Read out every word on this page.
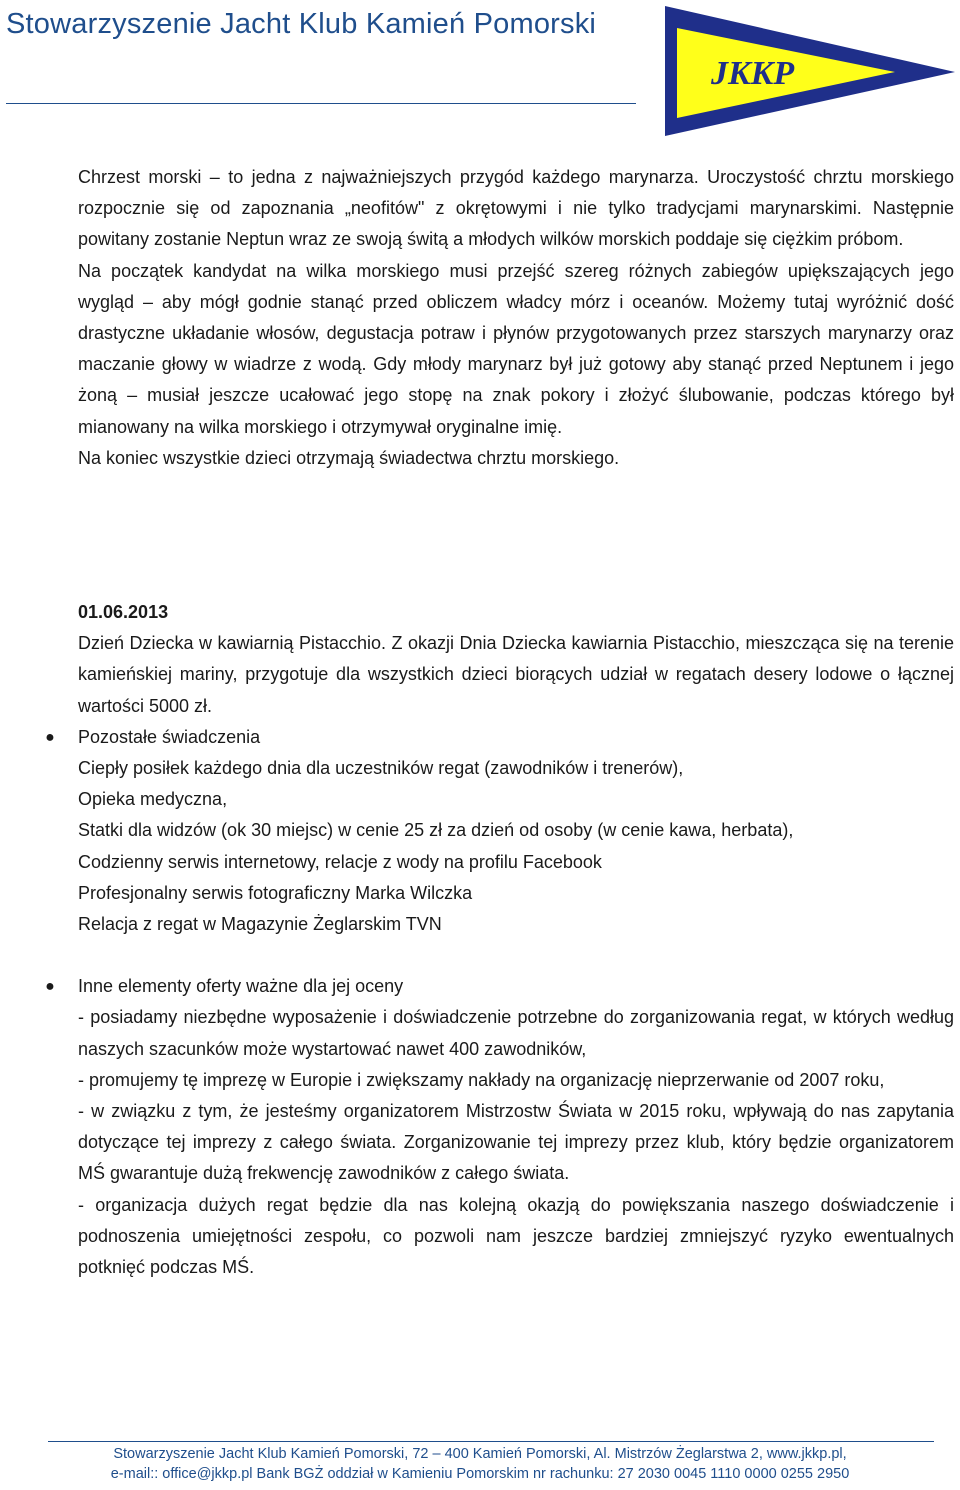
Stowarzyszenie Jacht Klub Kamień Pomorski
JKKP

Chrzest morski – to jedna z najważniejszych przygód każdego marynarza. Uroczystość chrztu morskiego rozpocznie się od zapoznania „neofitów" z okrętowymi i nie tylko tradycjami marynarskimi. Następnie powitany zostanie Neptun wraz ze swoją świtą a młodych wilków morskich poddaje się ciężkim próbom.

Na początek kandydat na wilka morskiego musi przejść szereg różnych zabiegów upiększających jego wygląd – aby mógł godnie stanąć przed obliczem władcy mórz i oceanów. Możemy tutaj wyróżnić dość drastyczne układanie włosów, degustacja potraw i płynów przygotowanych przez starszych marynarzy oraz maczanie głowy w wiadrze z wodą. Gdy młody marynarz był już gotowy aby stanąć przed Neptunem i jego żoną – musiał jeszcze ucałować jego stopę na znak pokory i złożyć ślubowanie, podczas którego był mianowany na wilka morskiego i otrzymywał oryginalne imię.

Na koniec wszystkie dzieci otrzymają świadectwa chrztu morskiego.

01.06.2013

Dzień Dziecka w kawiarnią Pistacchio. Z okazji Dnia Dziecka kawiarnia Pistacchio, mieszcząca się na terenie kamieńskiej mariny, przygotuje dla wszystkich dzieci biorących udział w regatach desery lodowe o łącznej wartości 5000 zł.

● Pozostałe świadczenia

Ciepły posiłek każdego dnia dla uczestników regat (zawodników i trenerów),

Opieka medyczna,

Statki dla widzów (ok 30 miejsc) w cenie 25 zł za dzień od osoby (w cenie kawa, herbata),

Codzienny serwis internetowy, relacje z wody na profilu Facebook

Profesjonalny serwis fotograficzny Marka Wilczka

Relacja z regat w Magazynie Żeglarskim TVN

● Inne elementy oferty ważne dla jej oceny

- posiadamy niezbędne wyposażenie i doświadczenie potrzebne do zorganizowania regat, w których według naszych szacunków może wystartować nawet 400 zawodników,

- promujemy tę imprezę w Europie i zwiększamy nakłady na organizację nieprzerwanie od 2007 roku,

- w związku z tym, że jesteśmy organizatorem Mistrzostw Świata w 2015 roku, wpływają do nas zapytania dotyczące tej imprezy z całego świata. Zorganizowanie tej imprezy przez klub, który będzie organizatorem MŚ gwarantuje dużą frekwencję zawodników z całego świata.

- organizacja dużych regat będzie dla nas kolejną okazją do powiększania naszego doświadczenie i podnoszenia umiejętności zespołu, co pozwoli nam jeszcze bardziej zmniejszyć ryzyko ewentualnych potknięć podczas MŚ.

Stowarzyszenie Jacht Klub Kamień Pomorski, 72 – 400 Kamień Pomorski, Al. Mistrzów Żeglarstwa 2, www.jkkp.pl,
e-mail:: office@jkkp.pl Bank BGŻ oddział w Kamieniu Pomorskim nr rachunku: 27 2030 0045 1110 0000 0255 2950
